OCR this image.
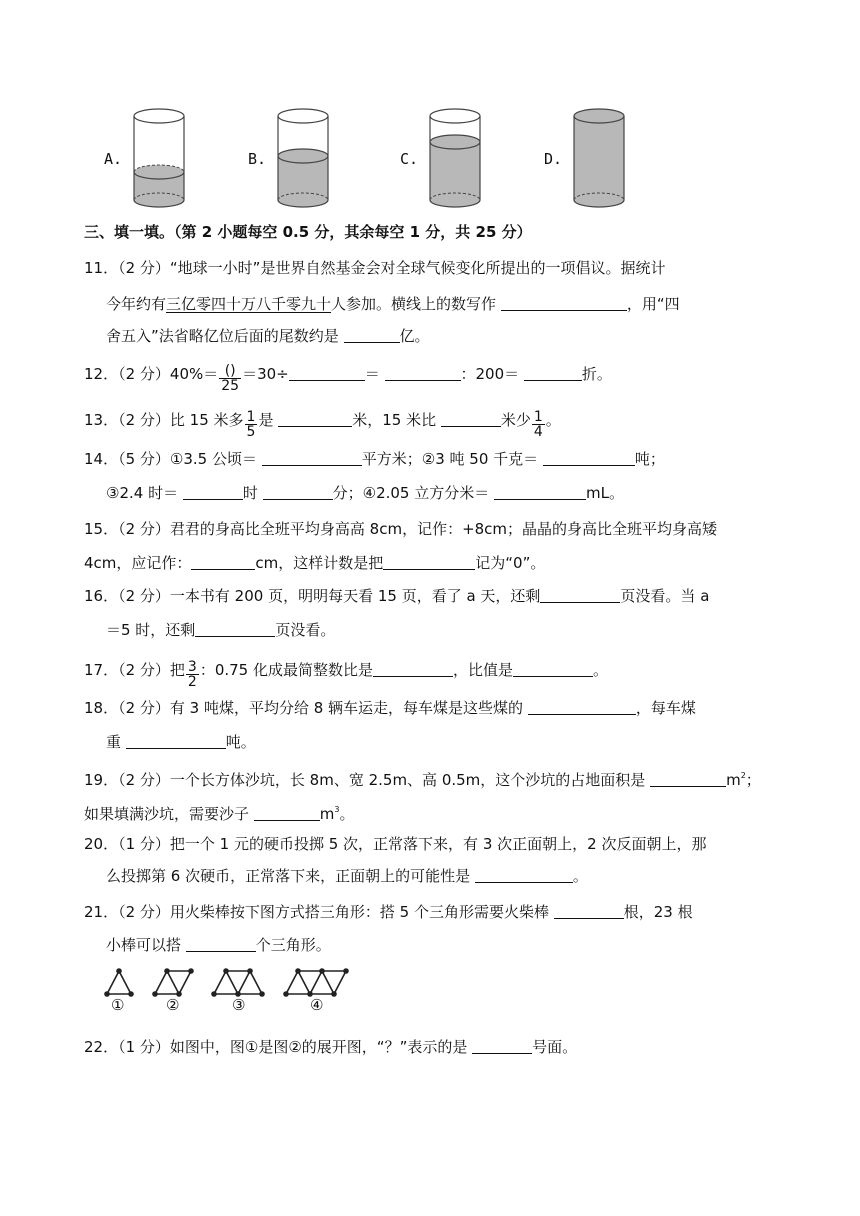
A.	B.	C.	D.
三、填一填。（第 2 小题每空 0.5 分，其余每空 1 分，共 25 分）
11．（2 分）“地球一小时”是世界自然基金会对全球气候变化所提出的一项倡议。据统计
今年约有三亿零四十万八千零九十人参加。横线上的数写作	，用“四
舍五入”法省略亿位后面的尾数约是	亿。
12．（2 分）$40\%= \frac{()}{25} =30\div$	＝	：200＝	折。
13．（2 分）比 15 米多 $\frac{1}{5}$ 是	米，15 米比	米少 $\frac{1}{4}$ 。
14．（5 分）①3.5 公顷＝	平方米；②3 吨 50 千克＝	吨；
③2.4 时＝	时	分；④2.05 立方分米＝	mL。
15．（2 分）君君的身高比全班平均身高高 8cm，记作：+8cm；晶晶的身高比全班平均身高矮
4cm，应记作：	cm，这样计数是把	记为“0”。
16．（2 分）一本书有 200 页，明明每天看 15 页，看了 a 天，还剩	页没看。当 a
＝5 时，还剩	页没看。
17．（2 分）把 $\frac{3}{2}$ ：0.75 化成最简整数比是	，比值是	。
18．（2 分）有 3 吨煤，平均分给 8 辆车运走，每车煤是这些煤的	，每车煤
重	吨。
19．（2 分）一个长方体沙坑，长 8m、宽 2.5m、高 0.5m，这个沙坑的占地面积是	$m^2$；
如果填满沙坑，需要沙子	$m^3$。
20．（1 分）把一个 1 元的硬币投掷 5 次，正常落下来，有 3 次正面朝上，2 次反面朝上，那
么投掷第 6 次硬币，正常落下来，正面朝上的可能性是	。
21．（2 分）用火柴棒按下图方式搭三角形：搭 5 个三角形需要火柴棒	根，23 根
小棒可以搭	个三角形。
①	②	③	④
22．（1 分）如图中，图①是图②的展开图，“？”表示的是	号面。
